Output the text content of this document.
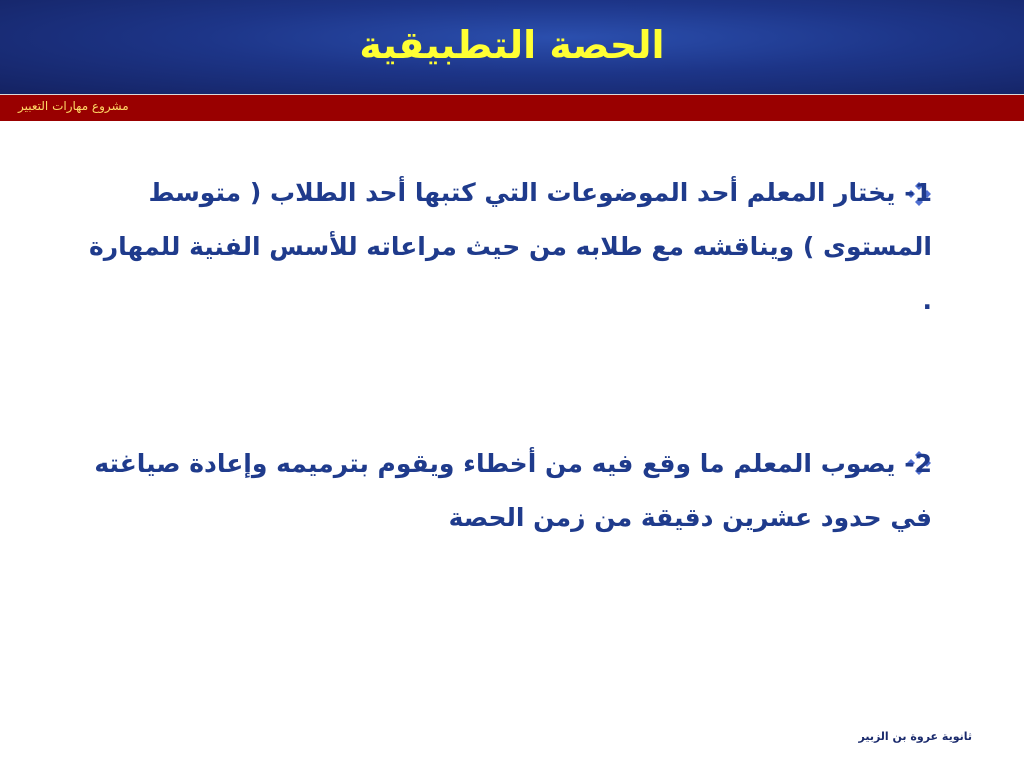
الحصة التطبيقية
مشروع مهارات التعبير

1- يختار المعلم أحد الموضوعات التي كتبها أحد الطلاب ( متوسط المستوى ) ويناقشه مع طلابه من حيث مراعاته للأسس الفنية للمهارة .

2- يصوب المعلم ما وقع فيه من أخطاء ويقوم بترميمه وإعادة صياغته في حدود عشرين دقيقة من زمن الحصة

ثانوية عروة بن الزبير
